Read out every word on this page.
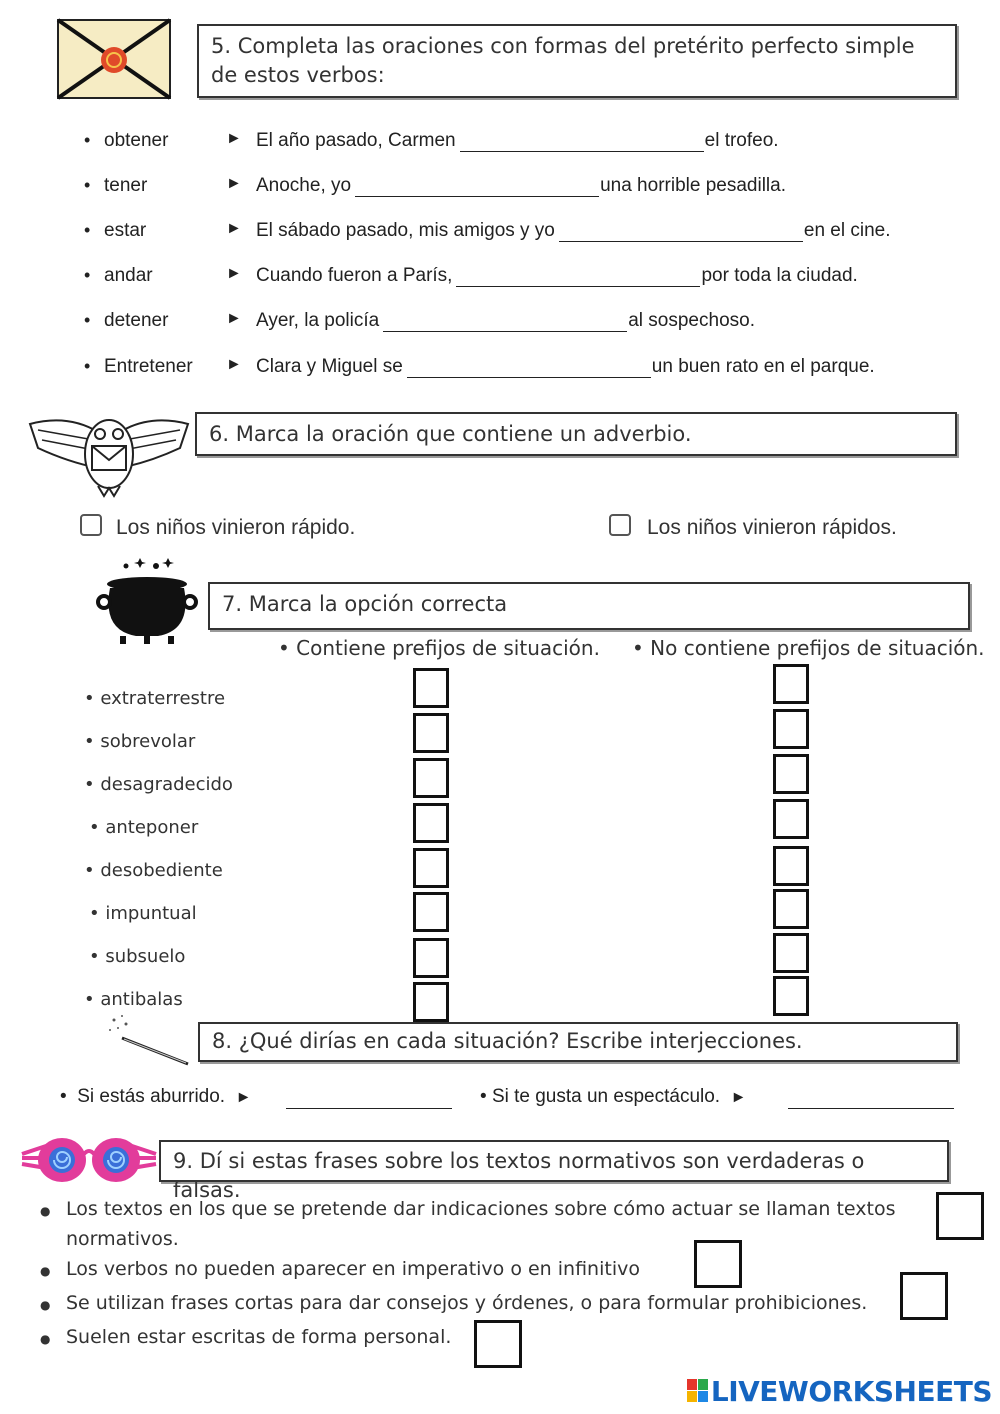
5. Completa las oraciones con formas del pretérito perfecto simple de estos verbos:
• obtener	► El año pasado, Carmen	el trofeo.
• tener	► Anoche, yo	una horrible pesadilla.
• estar	► El sábado pasado, mis amigos y yo	en el cine.
• andar	► Cuando fueron a París,	por toda la ciudad.
• detener	► Ayer, la policía	al sospechoso.
• Entretener ► Clara y Miguel se	un buen rato en el parque.
6. Marca la oración que contiene un adverbio.
Los niños vinieron rápido.	Los niños vinieron rápidos.
7. Marca la opción correcta
• Contiene prefijos de situación. • No contiene prefijos de situación.
• extraterrestre
• sobrevolar
• desagradecido
• anteponer
• desobediente
• impuntual
• subsuelo
• antibalas
8. ¿Qué dirías en cada situación? Escribe interjecciones.
• Si estás aburrido. ►	• Si te gusta un espectáculo. ►
9. Dí si estas frases sobre los textos normativos son verdaderas o falsas.
● Los textos en los que se pretende dar indicaciones sobre cómo actuar se llaman textos
normativos.
● Los verbos no pueden aparecer en imperativo o en infinitivo
● Se utilizan frases cortas para dar consejos y órdenes, o para formular prohibiciones.
● Suelen estar escritas de forma personal.
LIVEWORKSHEETS
